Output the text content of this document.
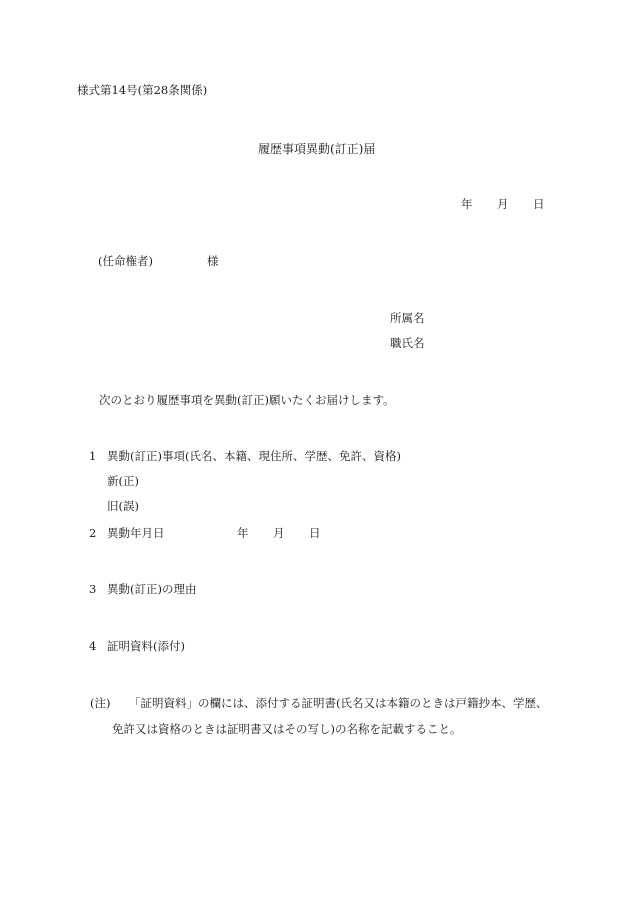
様式第14号(第28条関係)
履歴事項異動(訂正)届
年 月 日
(任命権者)	様
所属名
職氏名
次のとおり履歴事項を異動(訂正)願いたくお届けします。
1 異動(訂正)事項(氏名、本籍、現住所、学歴、免許、資格)
新(正)
旧(誤)
2 異動年月日	年 月 日
3 異動(訂正)の理由
4 証明資料(添付)
(注) 「証明資料」の欄には、添付する証明書(氏名又は本籍のときは戸籍抄本、学歴、
免許又は資格のときは証明書又はその写し)の名称を記載すること。
